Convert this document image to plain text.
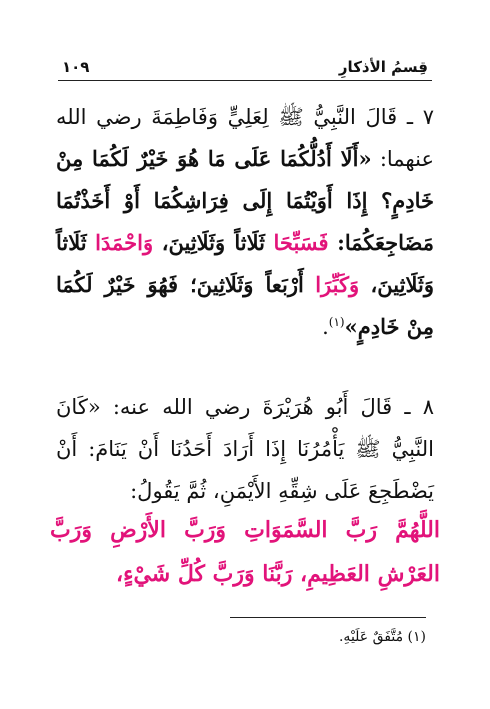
١٠٩	قِسمُ الأذكارِ
٧ ـ قَالَ النَّبِيُّ ﷺ لِعَلِيٍّ وَفَاطِمَةَ رضي الله عنهما: «أَلَا أَدُلُّكُمَا عَلَى مَا هُوَ خَيْرٌ لَكُمَا مِنْ خَادِمٍ؟ إِذَا أَوَيْتُمَا إِلَى فِرَاشِكُمَا أَوْ أَخَذْتُمَا مَضَاجِعَكُمَا: فَسَبِّحَا ثَلَاثاً وَثَلَاثِينَ، وَاحْمَدَا ثَلَاثاً وَثَلَاثِينَ، وَكَبِّرَا أَرْبَعاً وَثَلَاثِينَ؛ فَهُوَ خَيْرٌ لَكُمَا مِنْ خَادِمٍ»$^{(١)}$.
٨ ـ قَالَ أَبُو هُرَيْرَةَ رضي الله عنه: «كَانَ النَّبِيُّ ﷺ يَأْمُرُنَا إِذَا أَرَادَ أَحَدُنَا أَنْ يَنَامَ: أَنْ يَضْطَجِعَ عَلَى شِقِّهِ الأَيْمَنِ، ثُمَّ يَقُولُ:
اللَّهُمَّ رَبَّ السَّمَوَاتِ وَرَبَّ الأَرْضِ وَرَبَّ العَرْشِ العَظِيمِ، رَبَّنَا وَرَبَّ كُلِّ شَيْءٍ،
(١) مُتَّفَقٌ عَلَيْهِ.
